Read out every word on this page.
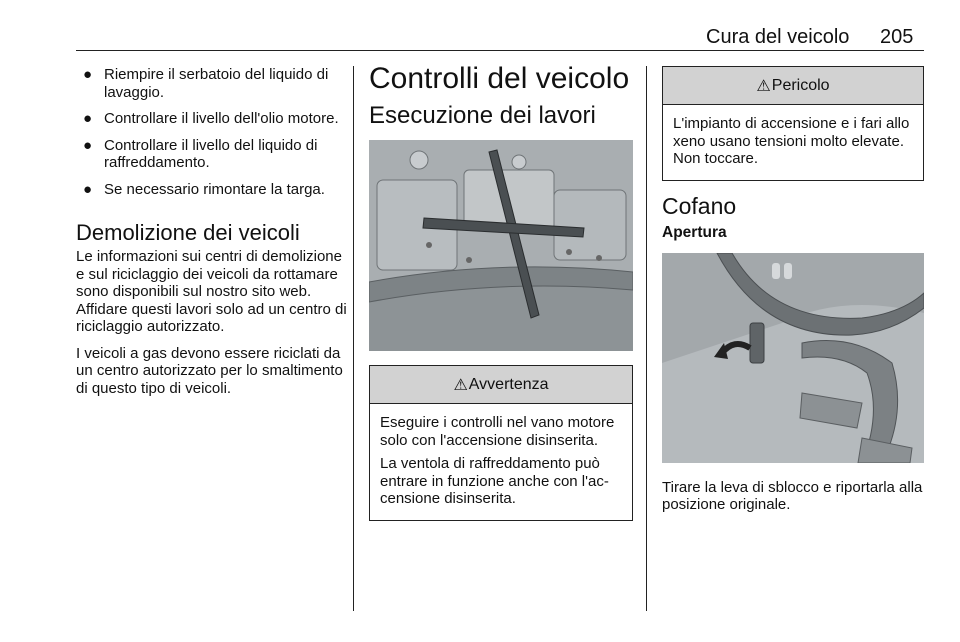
Cura del veicolo 205
● Riempire il serbatoio del liquido di lavaggio.
● Controllare il livello dell'olio motore.
● Controllare il livello del liquido di raffreddamento.
● Se necessario rimontare la targa.
Demolizione dei veicoli

Le informazioni sui centri di demolizione e sul riciclaggio dei veicoli da rottamare sono disponibili sul nostro sito web. Affidare questi lavori solo ad un centro di riciclaggio autorizzato.

I veicoli a gas devono essere riciclati da un centro autorizzato per lo smaltimento di questo tipo di veicoli.

Controlli del veicolo
Esecuzione dei lavori
⚠ Avvertenza

Eseguire i controlli nel vano motore solo con l'accensione disinserita.

La ventola di raffreddamento può entrare in funzione anche con l'accensione disinserita.

⚠ Pericolo

L'impianto di accensione e i fari allo xeno usano tensioni molto elevate. Non toccare.

Cofano
Apertura

Tirare la leva di sblocco e riportarla alla posizione originale.
